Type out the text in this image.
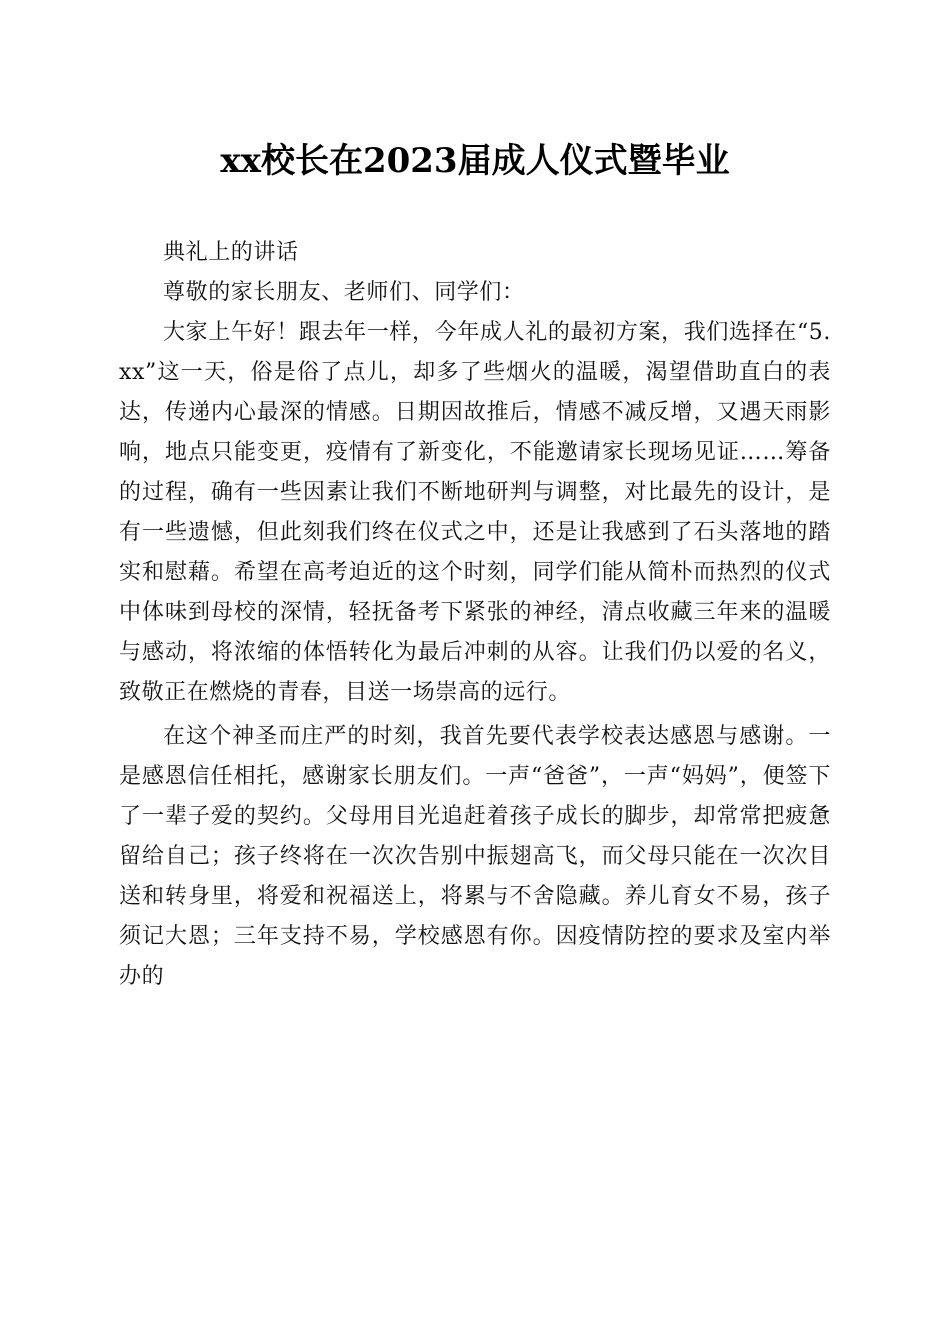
xx校长在2023届成人仪式暨毕业

典礼上的讲话

尊敬的家长朋友、老师们、同学们：

大家上午好！跟去年一样，今年成人礼的最初方案，我们选择在“5.xx”这一天，俗是俗了点儿，却多了些烟火的温暖，渴望借助直白的表达，传递内心最深的情感。日期因故推后，情感不减反增，又遇天雨影响，地点只能变更，疫情有了新变化，不能邀请家长现场见证……筹备的过程，确有一些因素让我们不断地研判与调整，对比最先的设计，是有一些遗憾，但此刻我们终在仪式之中，还是让我感到了石头落地的踏实和慰藉。希望在高考迫近的这个时刻，同学们能从简朴而热烈的仪式中体味到母校的深情，轻抚备考下紧张的神经，清点收藏三年来的温暖与感动，将浓缩的体悟转化为最后冲刺的从容。让我们仍以爱的名义，致敬正在燃烧的青春，目送一场崇高的远行。

在这个神圣而庄严的时刻，我首先要代表学校表达感恩与感谢。一是感恩信任相托，感谢家长朋友们。一声“爸爸”，一声“妈妈”，便签下了一辈子爱的契约。父母用目光追赶着孩子成长的脚步，却常常把疲惫留给自己；孩子终将在一次次告别中振翅高飞，而父母只能在一次次目送和转身里，将爱和祝福送上，将累与不舍隐藏。养儿育女不易，孩子须记大恩；三年支持不易，学校感恩有你。因疫情防控的要求及室内举办的
